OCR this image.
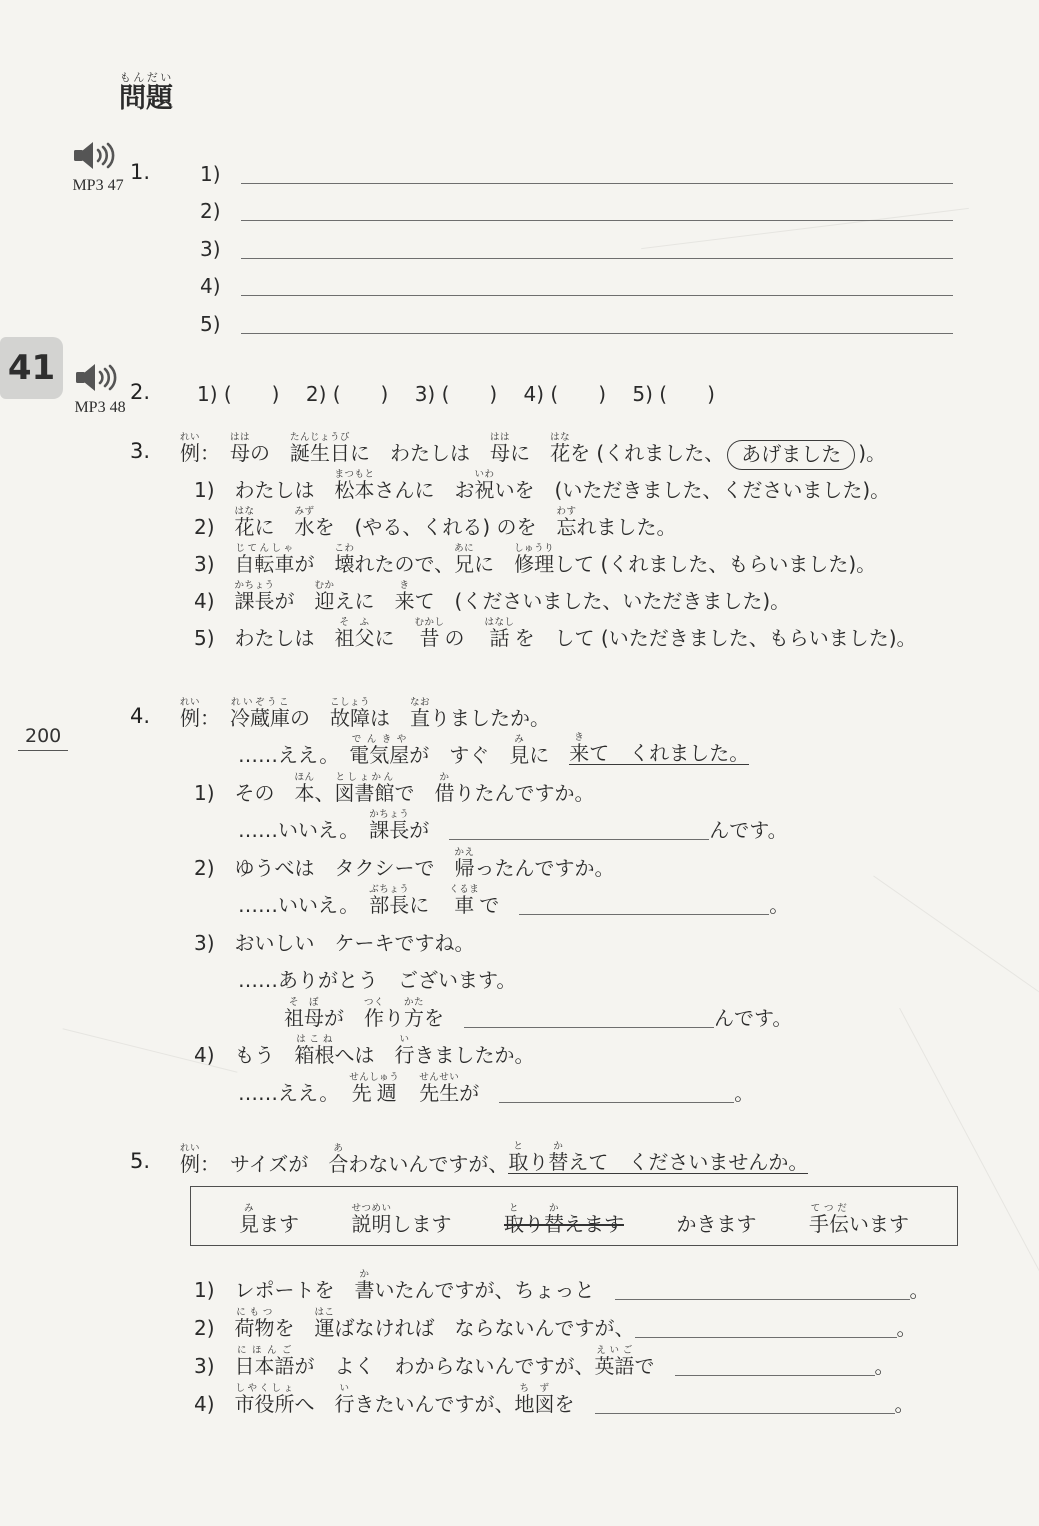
問題もんだい
41
200
MP3 47
MP3 48
1. 1)　
2)　
3)　
4)　
5)　
2. 1) (　　)　 2) (　　)　 3) (　　)　 4) (　　)　 5) (　　)
3. 例れい
：　 母はは
の　 誕生日たんじょうび
に　わたしは　 母はは
に　 花はな
を (くれました、 あげました )。
1)　わたしは　 松本まつもと
さんに　お 祝いわ
いを　(いただきました、くださいました)。
2)　 花はな
に　 水みず
を　(やる、くれる) のを　 忘わす
れました。
3)　 自転車じてんしゃ
が　 壊こわ
れたので、 兄あに
に　 修理しゅうり
して (くれました、もらいました)。
4)　 課長かちょう
が　 迎むか
えに　 来き
て　(くださいました、いただきました)。
5)　わたしは　 祖父そふ
に　 昔むかし
の　 話はなし
を　して (いただきました、もらいました)。
4. 例れい
：　 冷蔵庫れいぞうこ
の　 故障こしょう
は　 直なお
りましたか。
……ええ。　 電気屋でんきや
が　すぐ　 見み
に　 来き
て　くれました。
1)　その　 本ほん
、 図書館としょかん
で　 借か
りたんですか。
……いいえ。　 課長かちょう
が　	んです。
2)　ゆうべは　タクシーで　 帰かえ
ったんですか。
……いいえ。　 部長ぶちょう
に　 車くるま
で　	。
3)　おいしい　ケーキですね。
……ありがとう　ございます。
祖母そぼ
が　 作つく
り 方かた
を　	んです。
4)　もう　 箱根はこね
へは　 行い
きましたか。
……ええ。　 先週せんしゅう

先生せんせい
が　	。
5. 例れい
：　サイズが　 合あ
わないんですが、 取と
り 替か
えて　くださいませんか。
見み
ます	説明せつめい
します	取と
り 替か
えます	かきます	手伝てつだ
います
1)　レポートを　 書か
いたんですが、ちょっと　	。
2)　 荷物にもつ
を　 運はこ
ばなければ　ならないんですが、	。
3)　 日本語にほんご
が　よく　わからないんですが、 英語えいご
で　	。
4)　 市役所しやくしょ
へ　 行い
きたいんですが、 地図ちず
を　	。
